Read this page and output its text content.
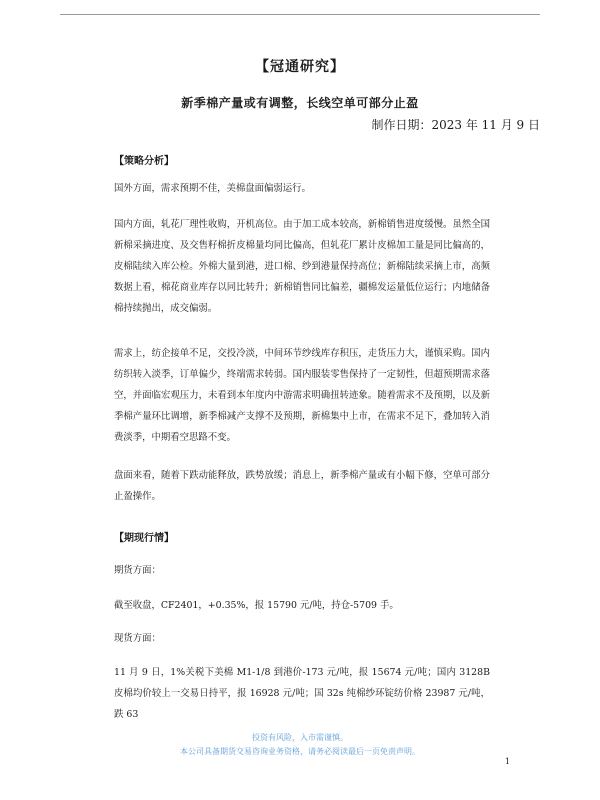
【冠通研究】
新季棉产量或有调整，长线空单可部分止盈
制作日期：2023 年 11 月 9 日
【策略分析】

国外方面，需求预期不佳，美棉盘面偏弱运行。

国内方面，轧花厂理性收购，开机高位。由于加工成本较高，新棉销售进度缓慢。虽然全国新棉采摘进度、及交售籽棉折皮棉量均同比偏高，但轧花厂累计皮棉加工量是同比偏高的，皮棉陆续入库公检。外棉大量到港，进口棉、纱到港量保持高位；新棉陆续采摘上市，高频数据上看，棉花商业库存以同比转升；新棉销售同比偏差，疆棉发运量低位运行；内地储备棉持续抛出，成交偏弱。

需求上，纺企接单不足，交投冷淡，中间环节纱线库存积压，走货压力大，谨慎采购。国内纺织转入淡季，订单偏少，终端需求转弱。国内服装零售保持了一定韧性，但超预期需求落空，并面临宏观压力，未看到本年度内中游需求明确扭转迹象。随着需求不及预期，以及新季棉产量环比调增，新季棉减产支撑不及预期，新棉集中上市，在需求不足下，叠加转入消费淡季，中期看空思路不变。

盘面来看，随着下跌动能释放，跌势放缓；消息上，新季棉产量或有小幅下修，空单可部分止盈操作。

【期现行情】

期货方面：

截至收盘，CF2401，+0.35%，报 15790 元/吨，持仓-5709 手。

现货方面：

11 月 9 日，1%关税下美棉 M1-1/8 到港价-173 元/吨，报 15674 元/吨；国内 3128B 皮棉均价较上一交易日持平，报 16928 元/吨；国 32s 纯棉纱环锭纺价格 23987 元/吨，跌 63

投资有风险，入市需谨慎。
本公司具备期货交易咨询业务资格，请务必阅读最后一页免责声明。
1
